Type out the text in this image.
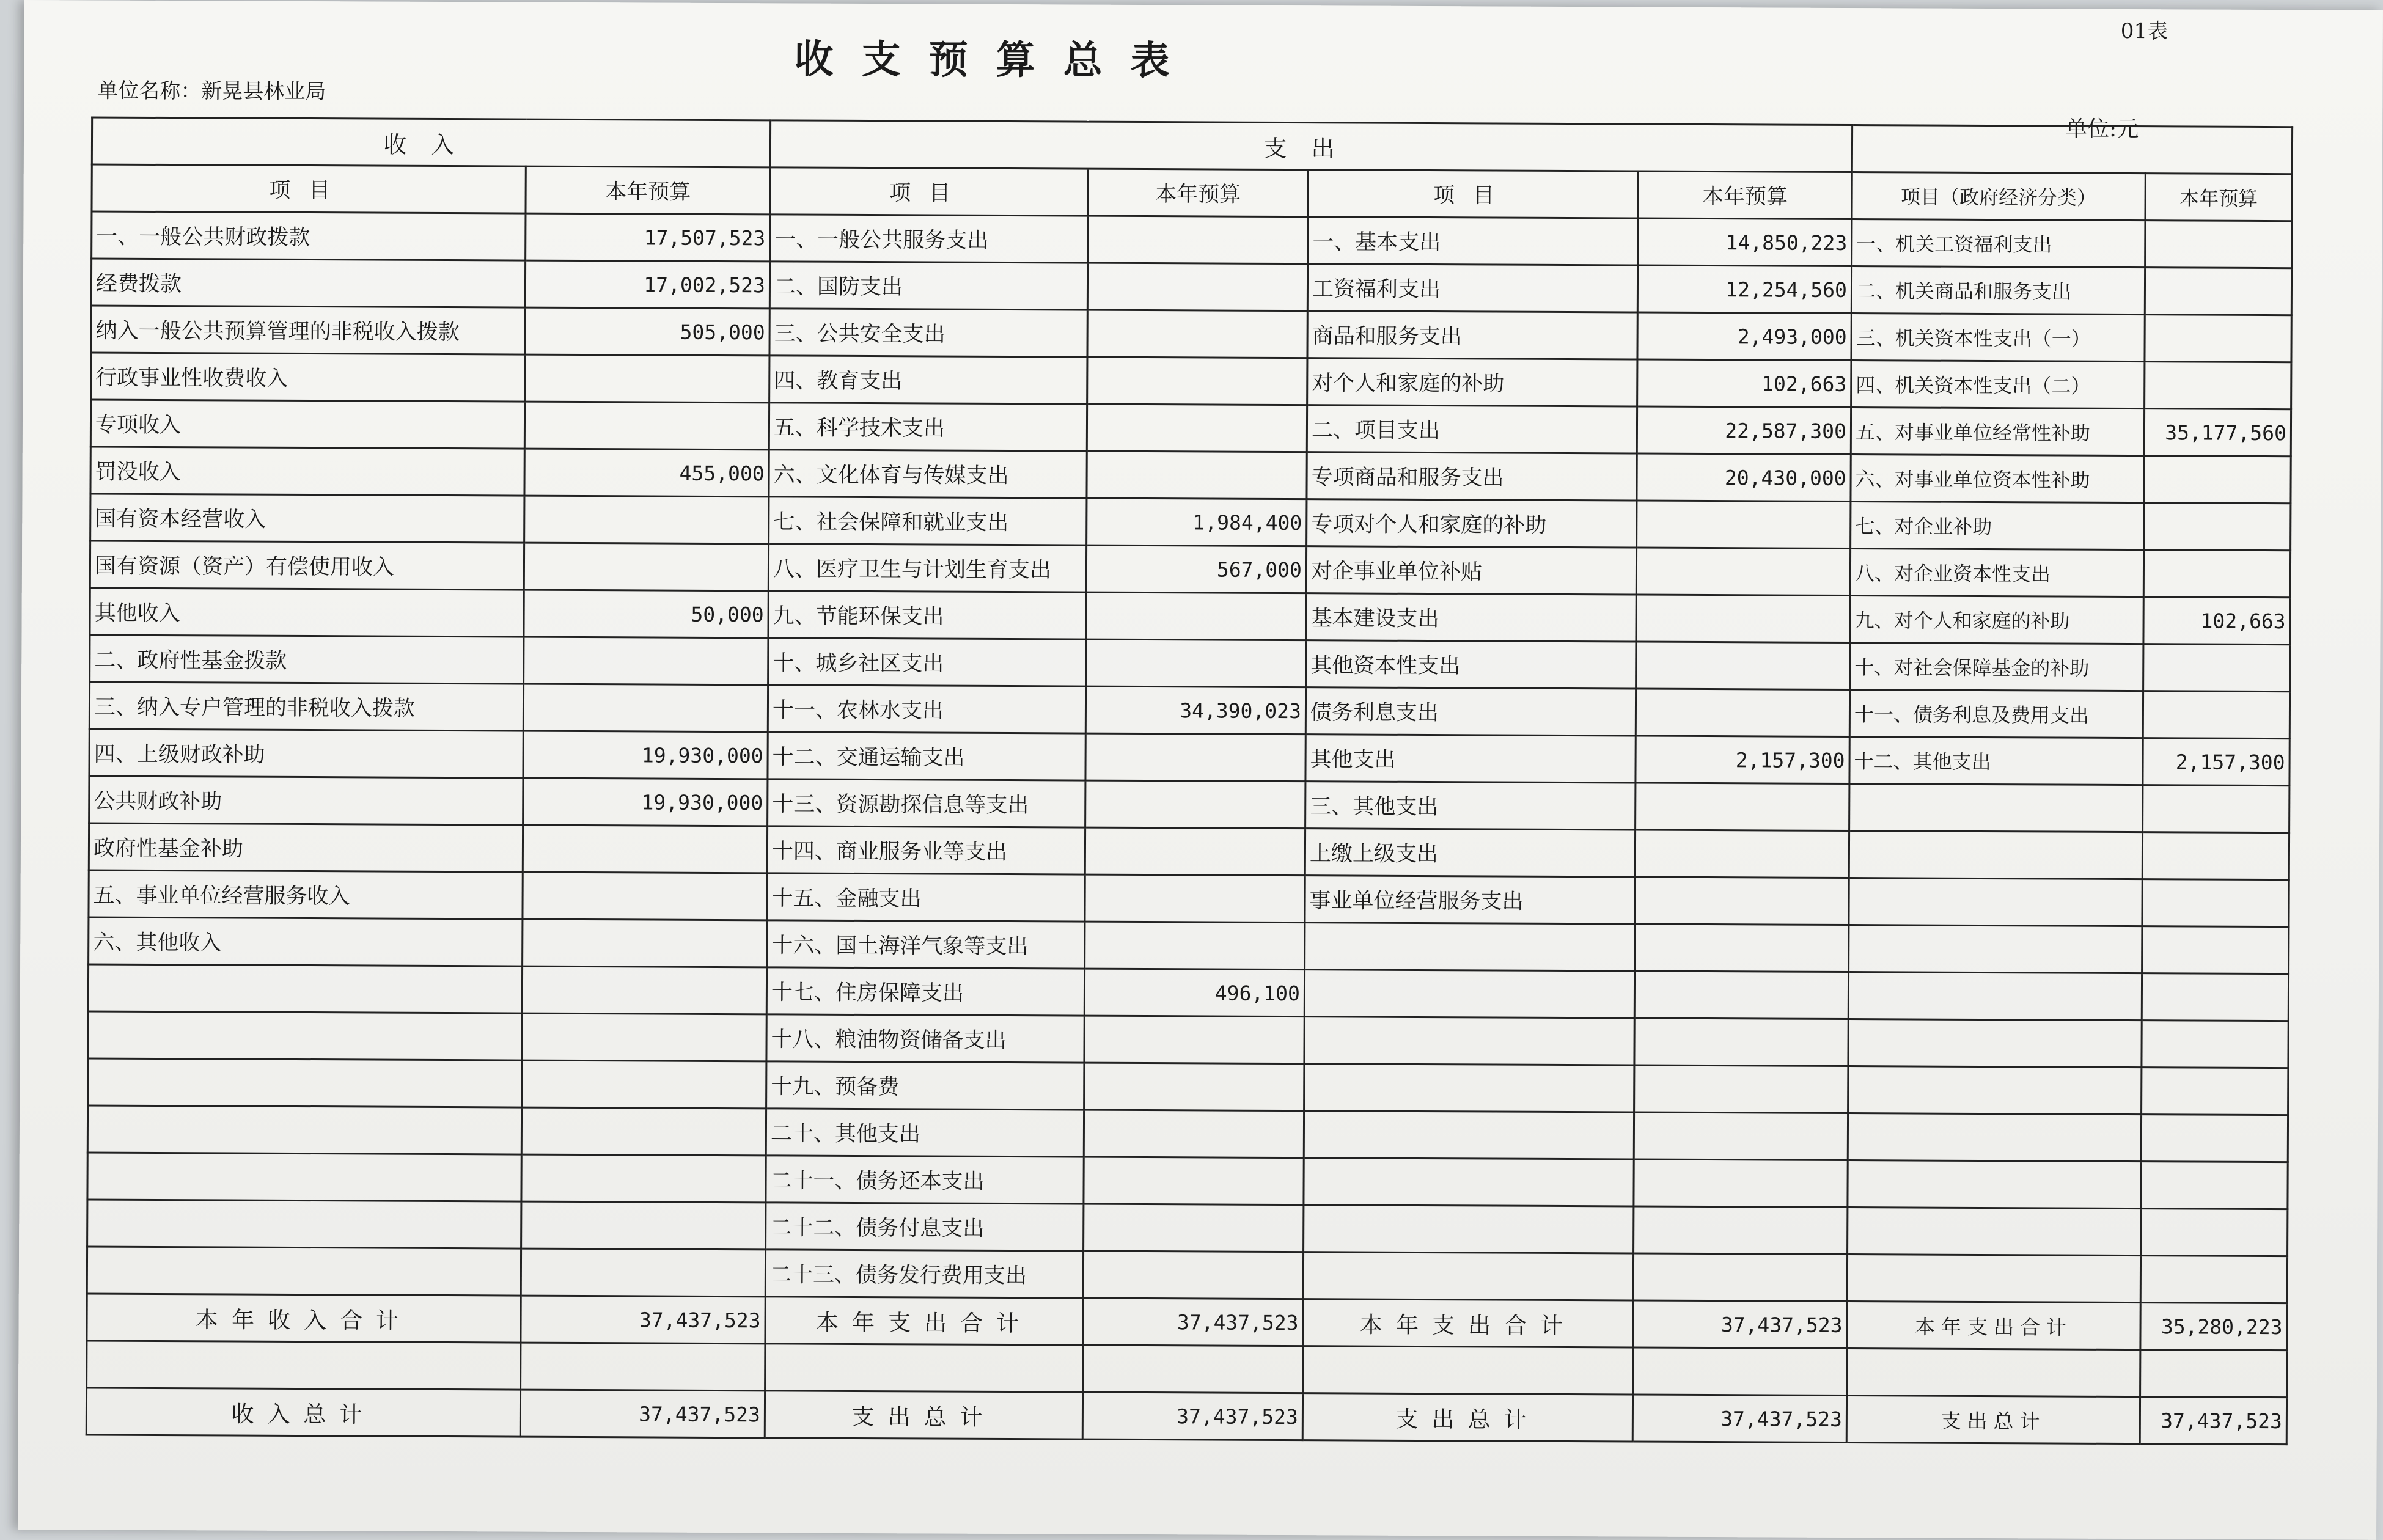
01表
收支预算总表
单位名称：新晃县林业局
单位:元
收入		支出					
项目	本年预算	项目	本年预算	项目	本年预算	项目（政府经济分类）	本年预算
一、一般公共财政拨款	17,507,523	一、一般公共服务支出		一、基本支出	14,850,223	一、机关工资福利支出	
经费拨款	17,002,523	二、国防支出		工资福利支出	12,254,560	二、机关商品和服务支出	
纳入一般公共预算管理的非税收入拨款	505,000	三、公共安全支出		商品和服务支出	2,493,000	三、机关资本性支出（一）	
行政事业性收费收入		四、教育支出		对个人和家庭的补助	102,663	四、机关资本性支出（二）	
专项收入		五、科学技术支出		二、项目支出	22,587,300	五、对事业单位经常性补助	35,177,560
罚没收入	455,000	六、文化体育与传媒支出		专项商品和服务支出	20,430,000	六、对事业单位资本性补助	
国有资本经营收入		七、社会保障和就业支出	1,984,400	专项对个人和家庭的补助		七、对企业补助	
国有资源（资产）有偿使用收入		八、医疗卫生与计划生育支出	567,000	对企事业单位补贴		八、对企业资本性支出	
其他收入	50,000	九、节能环保支出		基本建设支出		九、对个人和家庭的补助	102,663
二、政府性基金拨款		十、城乡社区支出		其他资本性支出		十、对社会保障基金的补助	
三、纳入专户管理的非税收入拨款		十一、农林水支出	34,390,023	债务利息支出		十一、债务利息及费用支出	
四、上级财政补助	19,930,000	十二、交通运输支出		其他支出	2,157,300	十二、其他支出	2,157,300
公共财政补助	19,930,000	十三、资源勘探信息等支出		三、其他支出			
政府性基金补助		十四、商业服务业等支出		上缴上级支出			
五、事业单位经营服务收入		十五、金融支出		事业单位经营服务支出			
六、其他收入		十六、国土海洋气象等支出					
		十七、住房保障支出	496,100				
		十八、粮油物资储备支出					
		十九、预备费					
		二十、其他支出					
		二十一、债务还本支出					
		二十二、债务付息支出					
		二十三、债务发行费用支出					
本年收入合计	37,437,523	本年支出合计	37,437,523	本年支出合计	37,437,523	本年支出合计	35,280,223

收入总计	37,437,523	支出总计	37,437,523	支出总计	37,437,523	支出总计	37,437,523
